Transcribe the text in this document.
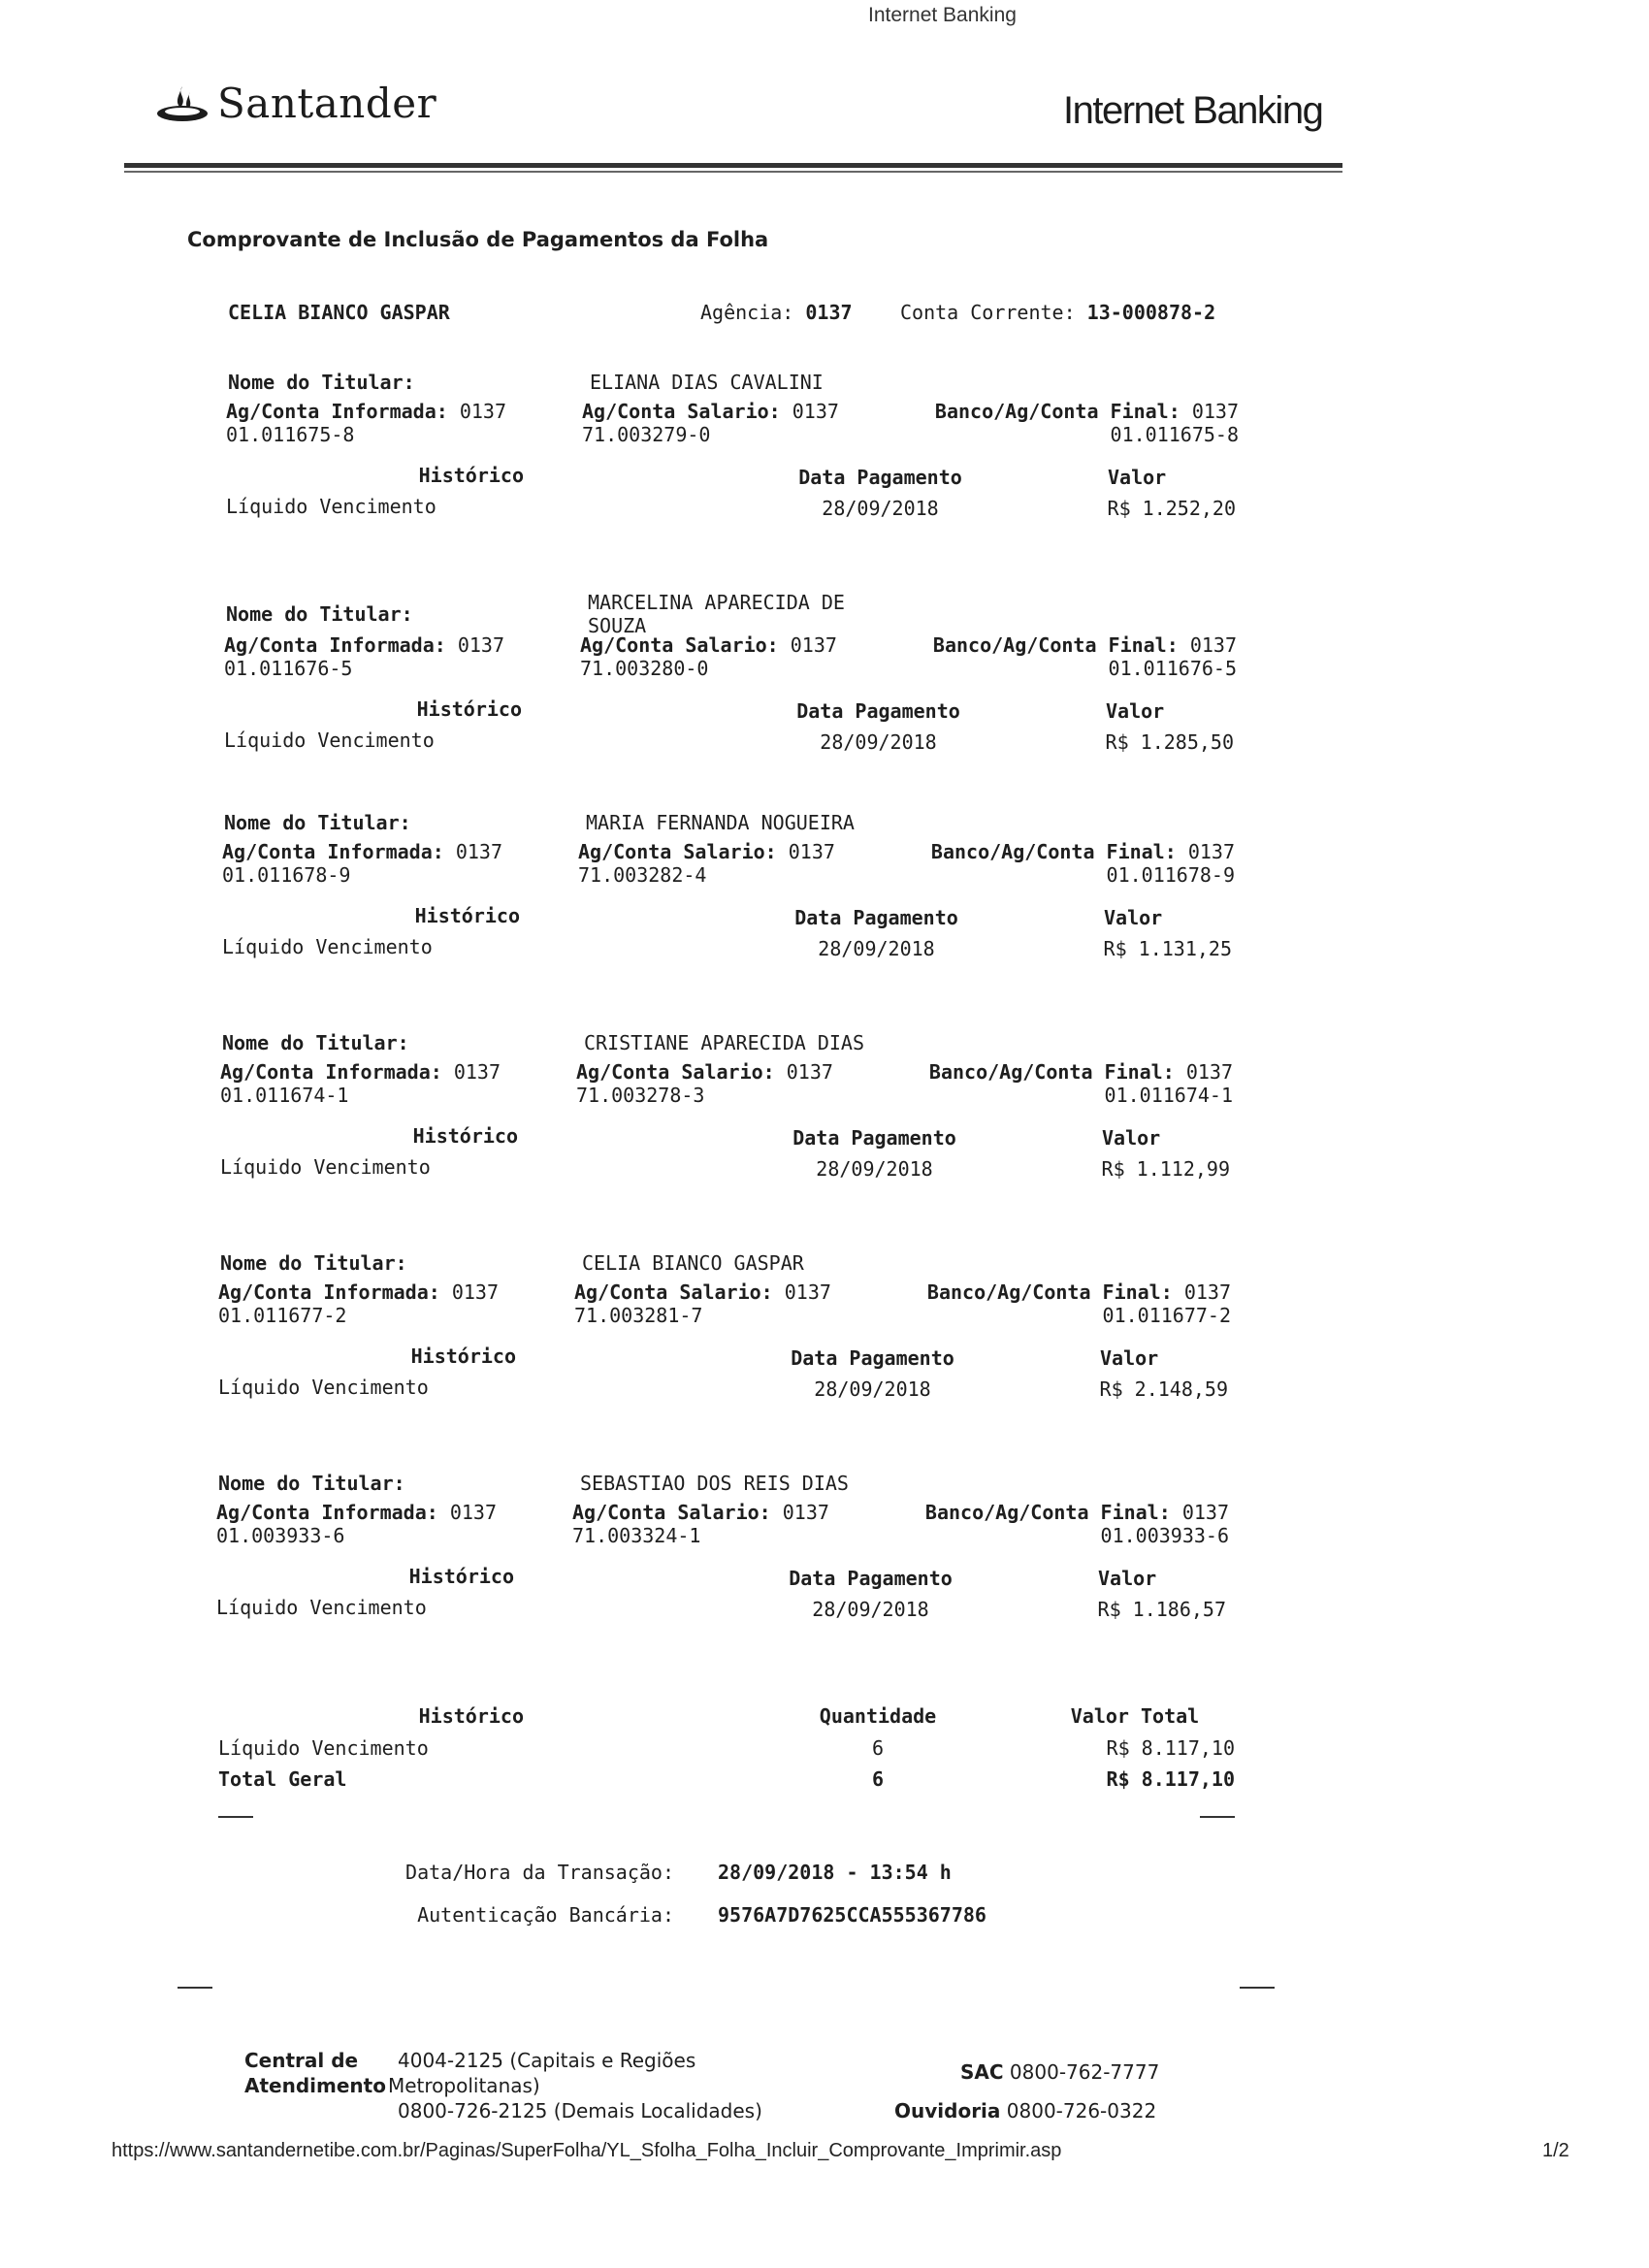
Internet Banking
Santander	Internet Banking
Comprovante de Inclusão de Pagamentos da Folha
CELIA BIANCO GASPAR	Agência: 0137 Conta Corrente: 13-000878-2
Nome do Titular:	ELIANA DIAS CAVALINI
Ag/Conta Informada: 0137
01.011675-8
Ag/Conta Salario: 0137
71.003279-0
Banco/Ag/Conta Final: 0137
01.011675-8
Histórico	Data Pagamento	Valor
Líquido Vencimento	28/09/2018	R$ 1.252,20
Nome do Titular:	MARCELINA APARECIDA DE
SOUZA
Ag/Conta Informada: 0137
01.011676-5
Ag/Conta Salario: 0137
71.003280-0
Banco/Ag/Conta Final: 0137
01.011676-5
Histórico	Data Pagamento	Valor
Líquido Vencimento	28/09/2018	R$ 1.285,50
Nome do Titular:	MARIA FERNANDA NOGUEIRA
Ag/Conta Informada: 0137
01.011678-9
Ag/Conta Salario: 0137
71.003282-4
Banco/Ag/Conta Final: 0137
01.011678-9
Histórico	Data Pagamento	Valor
Líquido Vencimento	28/09/2018	R$ 1.131,25
Nome do Titular:	CRISTIANE APARECIDA DIAS
Ag/Conta Informada: 0137
01.011674-1
Ag/Conta Salario: 0137
71.003278-3
Banco/Ag/Conta Final: 0137
01.011674-1
Histórico	Data Pagamento	Valor
Líquido Vencimento	28/09/2018	R$ 1.112,99
Nome do Titular:	CELIA BIANCO GASPAR
Ag/Conta Informada: 0137
01.011677-2
Ag/Conta Salario: 0137
71.003281-7
Banco/Ag/Conta Final: 0137
01.011677-2
Histórico	Data Pagamento	Valor
Líquido Vencimento	28/09/2018	R$ 2.148,59
Nome do Titular:	SEBASTIAO DOS REIS DIAS
Ag/Conta Informada: 0137
01.003933-6
Ag/Conta Salario: 0137
71.003324-1
Banco/Ag/Conta Final: 0137
01.003933-6
Histórico	Data Pagamento	Valor
Líquido Vencimento	28/09/2018	R$ 1.186,57
Histórico	Quantidade	Valor Total
Líquido Vencimento	6	R$ 8.117,10
Total Geral	6	R$ 8.117,10
Data/Hora da Transação: 28/09/2018 - 13:54 h
Autenticação Bancária: 9576A7D7625CCA555367786
Central de
Atendimento
4004-2125 (Capitais e Regiões
Metropolitanas)
0800-726-2125 (Demais Localidades)
SAC 0800-762-7777
Ouvidoria 0800-726-0322
https://www.santandernetibe.com.br/Paginas/SuperFolha/YL_Sfolha_Folha_Incluir_Comprovante_Imprimir.asp	1/2
